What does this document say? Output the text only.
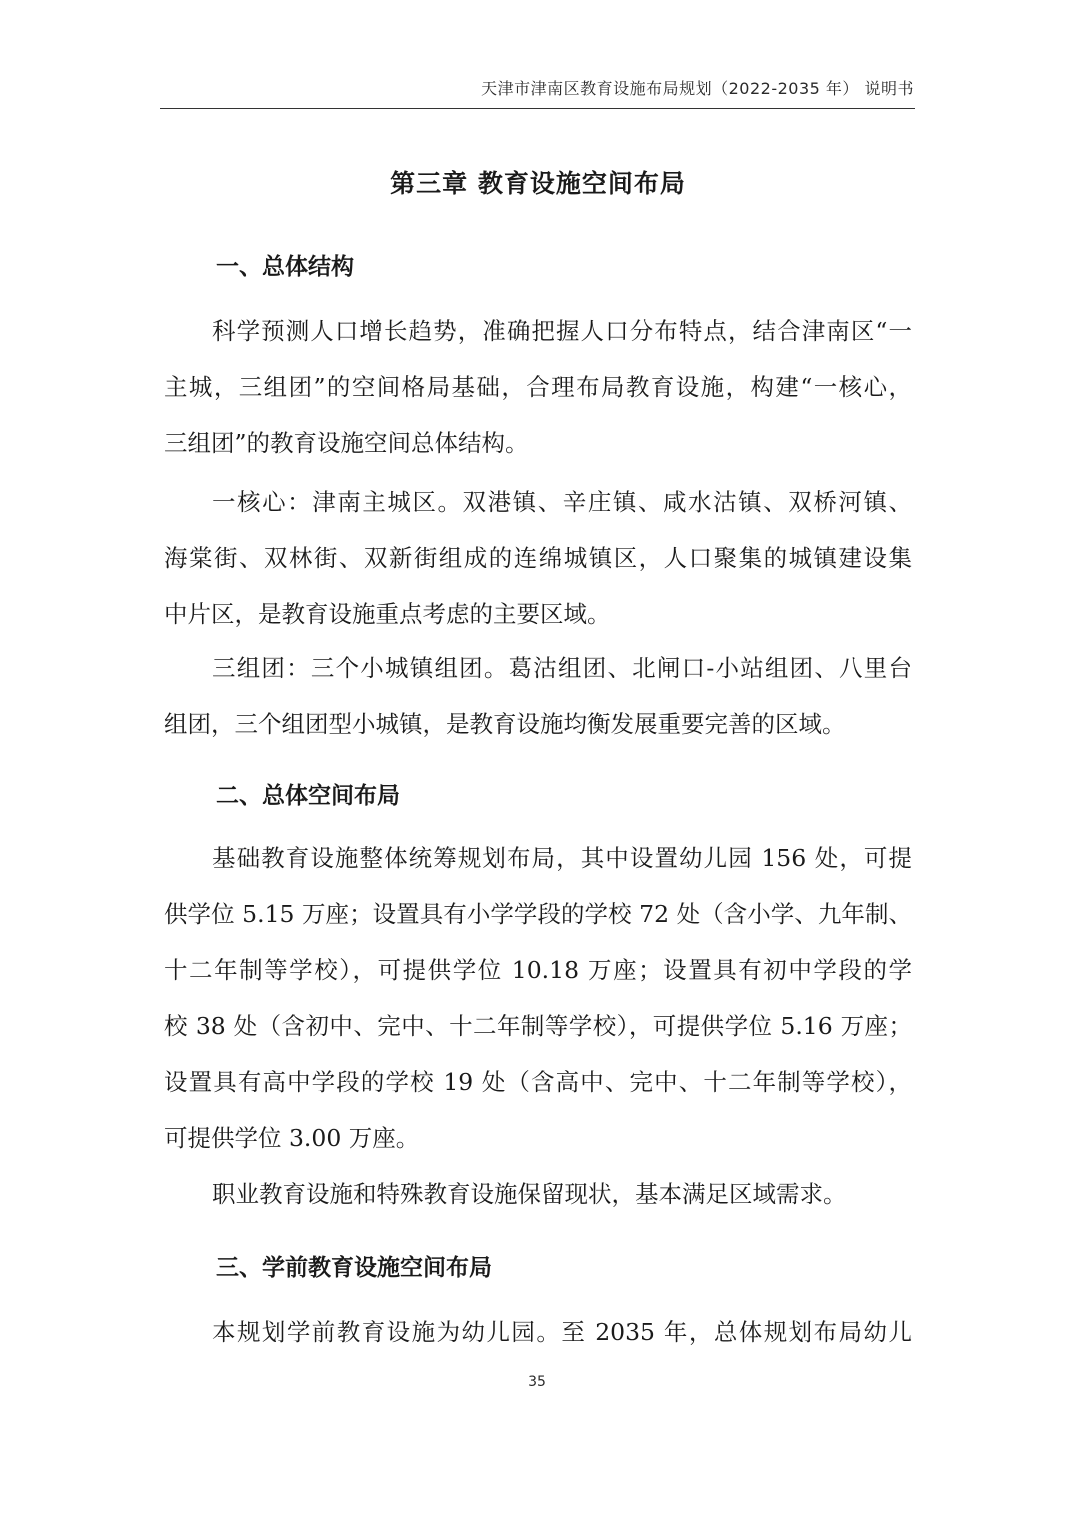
天津市津南区教育设施布局规划（2022-2035 年） 说明书
第三章 教育设施空间布局
一、总体结构
科学预测人口增长趋势，准确把握人口分布特点，结合津南区“一
主城，三组团”的空间格局基础，合理布局教育设施，构建“一核心，
三组团”的教育设施空间总体结构。
一核心：津南主城区。双港镇、辛庄镇、咸水沽镇、双桥河镇、
海棠街、双林街、双新街组成的连绵城镇区，人口聚集的城镇建设集
中片区，是教育设施重点考虑的主要区域。
三组团：三个小城镇组团。葛沽组团、北闸口-小站组团、八里台
组团，三个组团型小城镇，是教育设施均衡发展重要完善的区域。
二、总体空间布局
基础教育设施整体统筹规划布局，其中设置幼儿园 156 处，可提
供学位 5.15 万座；设置具有小学学段的学校 72 处（含小学、九年制、
十二年制等学校），可提供学位 10.18 万座；设置具有初中学段的学
校 38 处（含初中、完中、十二年制等学校），可提供学位 5.16 万座；
设置具有高中学段的学校 19 处（含高中、完中、十二年制等学校），
可提供学位 3.00 万座。
职业教育设施和特殊教育设施保留现状，基本满足区域需求。
三、学前教育设施空间布局
本规划学前教育设施为幼儿园。至 2035 年，总体规划布局幼儿
35
